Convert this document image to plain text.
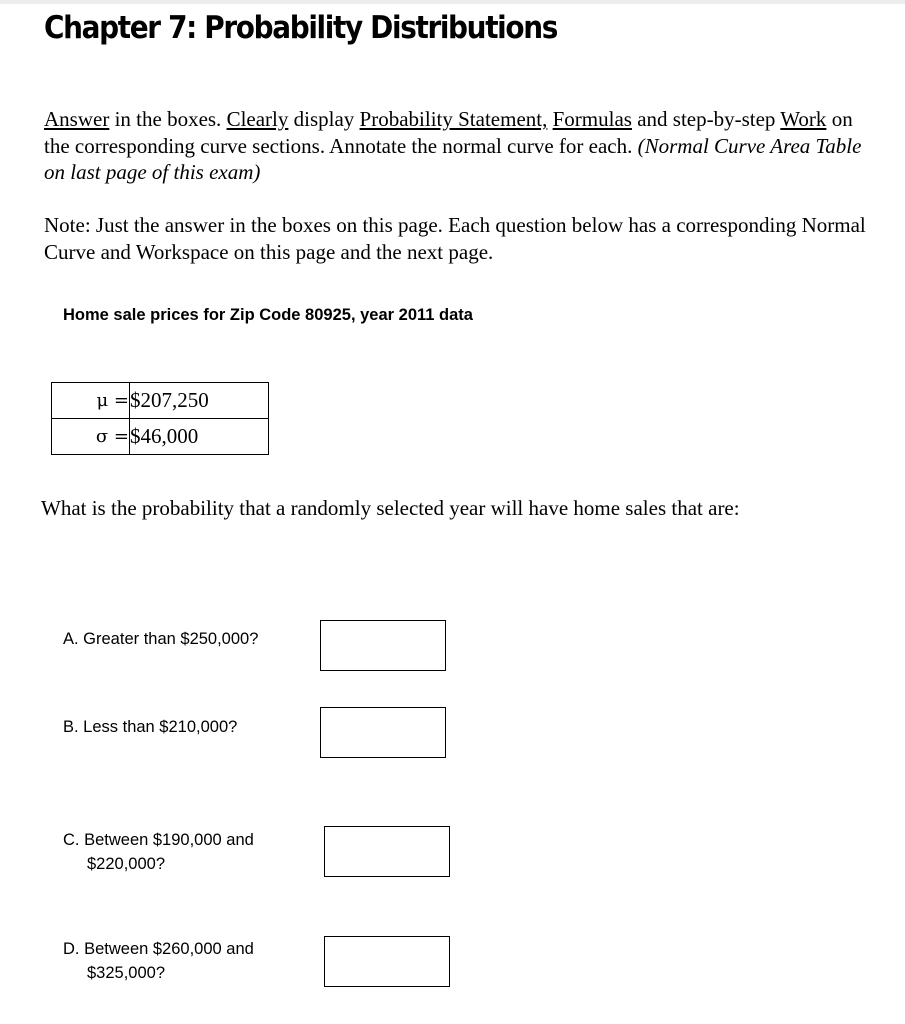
Chapter 7: Probability Distributions

Answer in the boxes. Clearly display Probability Statement, Formulas and step-by-step Work on the corresponding curve sections. Annotate the normal curve for each. (Normal Curve Area Table on last page of this exam)

Note: Just the answer in the boxes on this page. Each question below has a corresponding Normal Curve and Workspace on this page and the next page.

Home sale prices for Zip Code 80925, year 2011 data

μ =	$207,250
σ =	$46,000

What is the probability that a randomly selected year will have home sales that are:

A. Greater than $250,000?

B. Less than $210,000?

C. Between $190,000 and
$220,000?

D. Between $260,000 and
$325,000?
